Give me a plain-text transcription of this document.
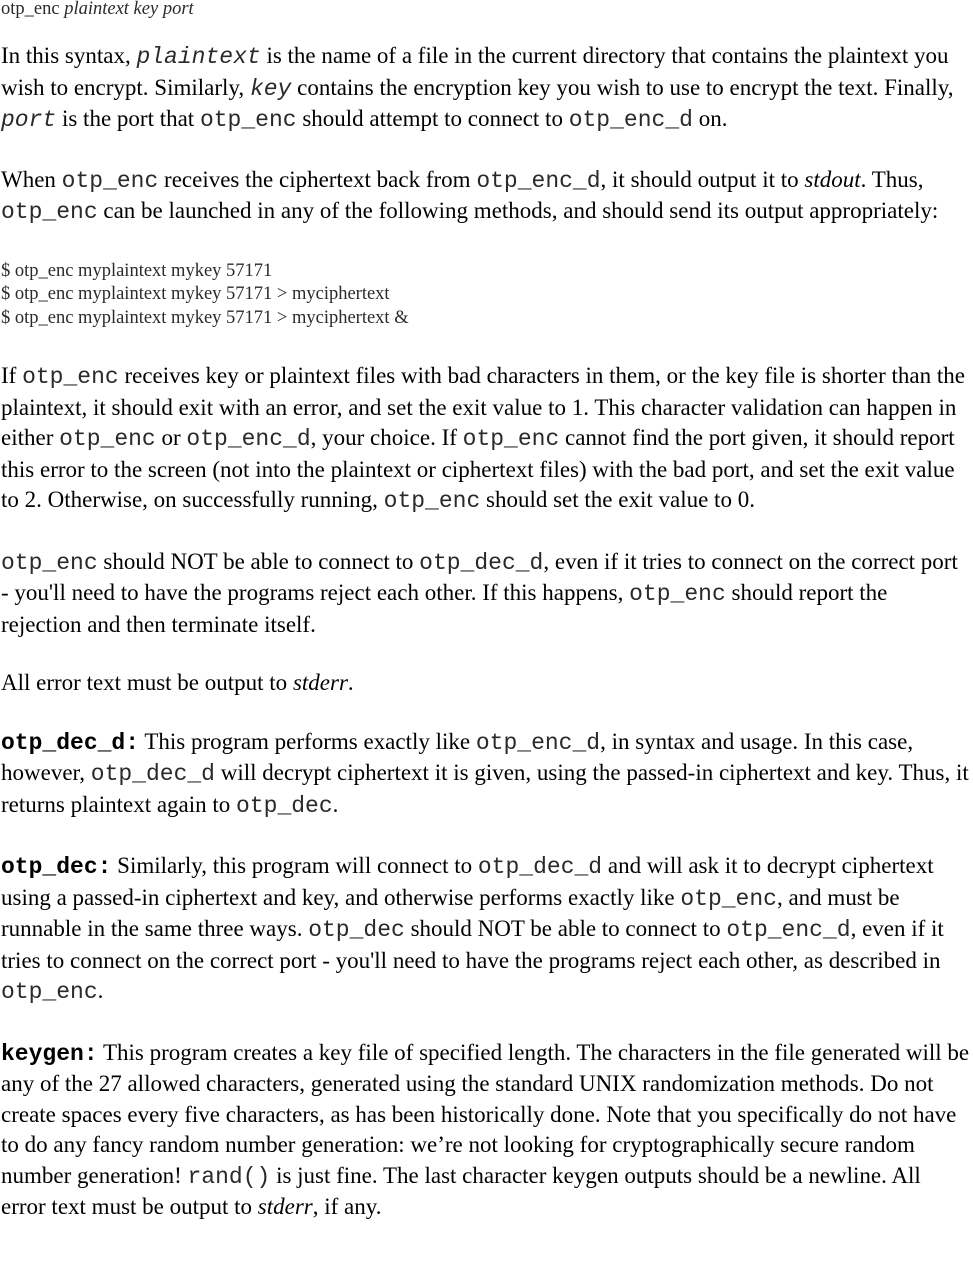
otp_enc plaintext key port

In this syntax, plaintext is the name of a file in the current directory that contains the plaintext you wish to encrypt. Similarly, key contains the encryption key you wish to use to encrypt the text. Finally, port is the port that otp_enc should attempt to connect to otp_enc_d on.

When otp_enc receives the ciphertext back from otp_enc_d, it should output it to stdout. Thus, otp_enc can be launched in any of the following methods, and should send its output appropriately:

$ otp_enc myplaintext mykey 57171

$ otp_enc myplaintext mykey 57171 > myciphertext

$ otp_enc myplaintext mykey 57171 > myciphertext &

If otp_enc receives key or plaintext files with bad characters in them, or the key file is shorter than the plaintext, it should exit with an error, and set the exit value to 1. This character validation can happen in either otp_enc or otp_enc_d, your choice. If otp_enc cannot find the port given, it should report this error to the screen (not into the plaintext or ciphertext files) with the bad port, and set the exit value to 2. Otherwise, on successfully running, otp_enc should set the exit value to 0.

otp_enc should NOT be able to connect to otp_dec_d, even if it tries to connect on the correct port - you'll need to have the programs reject each other. If this happens, otp_enc should report the rejection and then terminate itself.

All error text must be output to stderr.

otp_dec_d: This program performs exactly like otp_enc_d, in syntax and usage. In this case, however, otp_dec_d will decrypt ciphertext it is given, using the passed-in ciphertext and key. Thus, it returns plaintext again to otp_dec.

otp_dec: Similarly, this program will connect to otp_dec_d and will ask it to decrypt ciphertext using a passed-in ciphertext and key, and otherwise performs exactly like otp_enc, and must be runnable in the same three ways. otp_dec should NOT be able to connect to otp_enc_d, even if it tries to connect on the correct port - you'll need to have the programs reject each other, as described in otp_enc.

keygen: This program creates a key file of specified length. The characters in the file generated will be any of the 27 allowed characters, generated using the standard UNIX randomization methods. Do not create spaces every five characters, as has been historically done. Note that you specifically do not have to do any fancy random number generation: we’re not looking for cryptographically secure random number generation! rand() is just fine. The last character keygen outputs should be a newline. All error text must be output to stderr, if any.
